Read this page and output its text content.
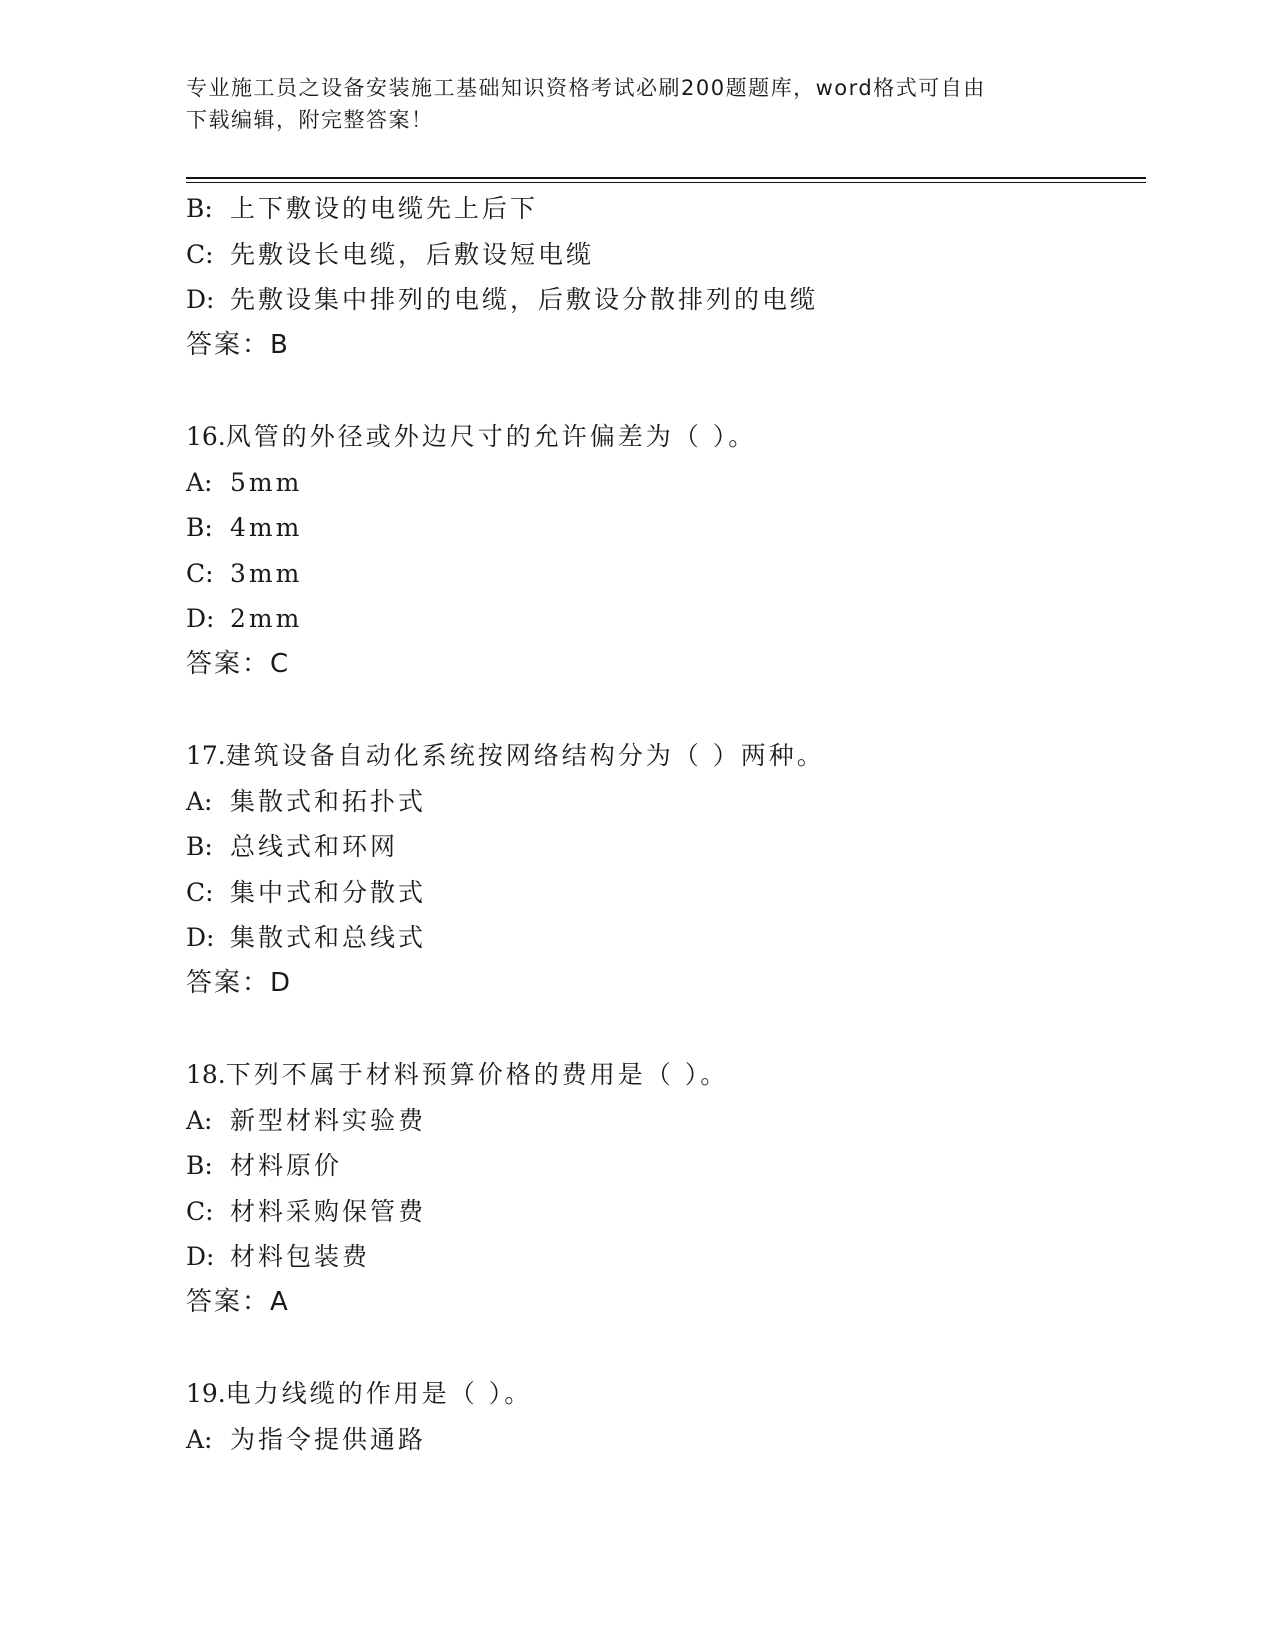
专业施工员之设备安装施工基础知识资格考试必刷200题题库，word格式可自由
下载编辑，附完整答案！
B: 上下敷设的电缆先上后下
C: 先敷设长电缆，后敷设短电缆
D: 先敷设集中排列的电缆，后敷设分散排列的电缆
答案：B
16.风管的外径或外边尺寸的允许偏差为（ ）。
A: 5mm
B: 4mm
C: 3mm
D: 2mm
答案：C
17.建筑设备自动化系统按网络结构分为（ ）两种。
A: 集散式和拓扑式
B: 总线式和环网
C: 集中式和分散式
D: 集散式和总线式
答案：D
18.下列不属于材料预算价格的费用是（ ）。
A: 新型材料实验费
B: 材料原价
C: 材料采购保管费
D: 材料包装费
答案：A
19.电力线缆的作用是（ ）。
A: 为指令提供通路
